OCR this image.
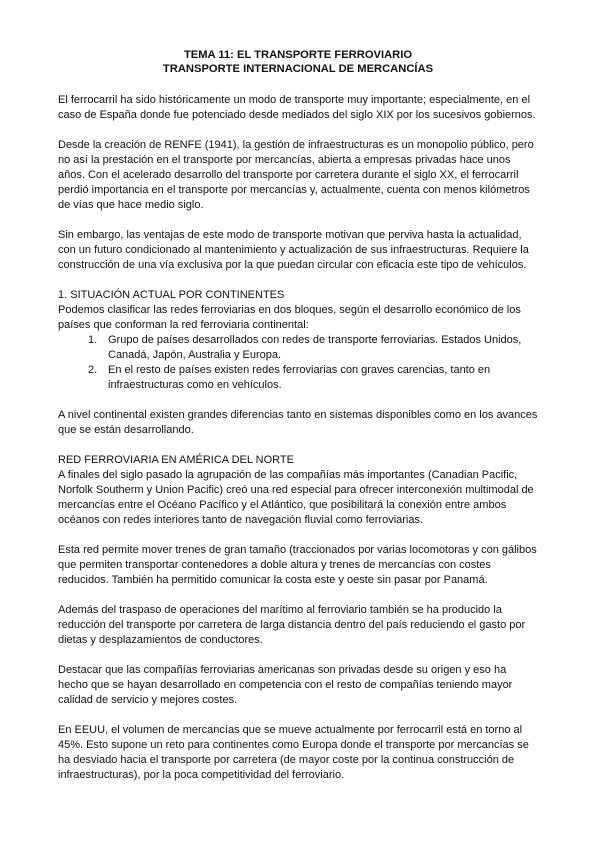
TEMA 11: EL TRANSPORTE FERROVIARIO
TRANSPORTE INTERNACIONAL DE MERCANCÍAS

El ferrocarril ha sido históricamente un modo de transporte muy importante; especialmente, en el caso de España donde fue potenciado desde mediados del siglo XIX por los sucesivos gobiernos.

Desde la creación de RENFE (1941), la gestión de infraestructuras es un monopolio público, pero no así la prestación en el transporte por mercancías, abierta a empresas privadas hace unos años. Con el acelerado desarrollo del transporte por carretera durante el siglo XX, el ferrocarril perdió importancia en el transporte por mercancías y, actualmente, cuenta con menos kilómetros de vías que hace medio siglo.

Sin embargo, las ventajas de este modo de transporte motivan que perviva hasta la actualidad, con un futuro condicionado al mantenimiento y actualización de sus infraestructuras. Requiere la construcción de una vía exclusiva por la que puedan circular con eficacia este tipo de vehículos.

1. SITUACIÓN ACTUAL POR CONTINENTES

Podemos clasificar las redes ferroviarias en dos bloques, según el desarrollo económico de los países que conforman la red ferroviaria continental:

1. Grupo de países desarrollados con redes de transporte ferroviarias. Estados Unidos, Canadá, Japón, Australia y Europa.
2. En el resto de países existen redes ferroviarias con graves carencias, tanto en infraestructuras como en vehículos.

A nivel continental existen grandes diferencias tanto en sistemas disponibles como en los avances que se están desarrollando.

RED FERROVIARIA EN AMÉRICA DEL NORTE

A finales del siglo pasado la agrupación de las compañías más importantes (Canadian Pacific, Norfolk Southerm y Union Pacific) creó una red especial para ofrecer interconexión multimodal de mercancías entre el Océano Pacífico y el Atlántico, que posibilitará la conexión entre ambos océanos con redes interiores tanto de navegación fluvial como ferroviarias.

Esta red permite mover trenes de gran tamaño (traccionados por varias locomotoras y con gálibos que permiten transportar contenedores a doble altura y trenes de mercancías con costes reducidos. También ha permitido comunicar la costa este y oeste sin pasar por Panamá.

Además del traspaso de operaciones del marítimo al ferroviario también se ha producido la reducción del transporte por carretera de larga distancia dentro del país reduciendo el gasto por dietas y desplazamientos de conductores.

Destacar que las compañías ferroviarias americanas son privadas desde su origen y eso ha hecho que se hayan desarrollado en competencia con el resto de compañías teniendo mayor calidad de servicio y mejores costes.

En EEUU, el volumen de mercancías que se mueve actualmente por ferrocarril está en torno al 45%. Esto supone un reto para continentes como Europa donde el transporte por mercancías se ha desviado hacia el transporte por carretera (de mayor coste por la continua construcción de infraestructuras), por la poca competitividad del ferroviario.
